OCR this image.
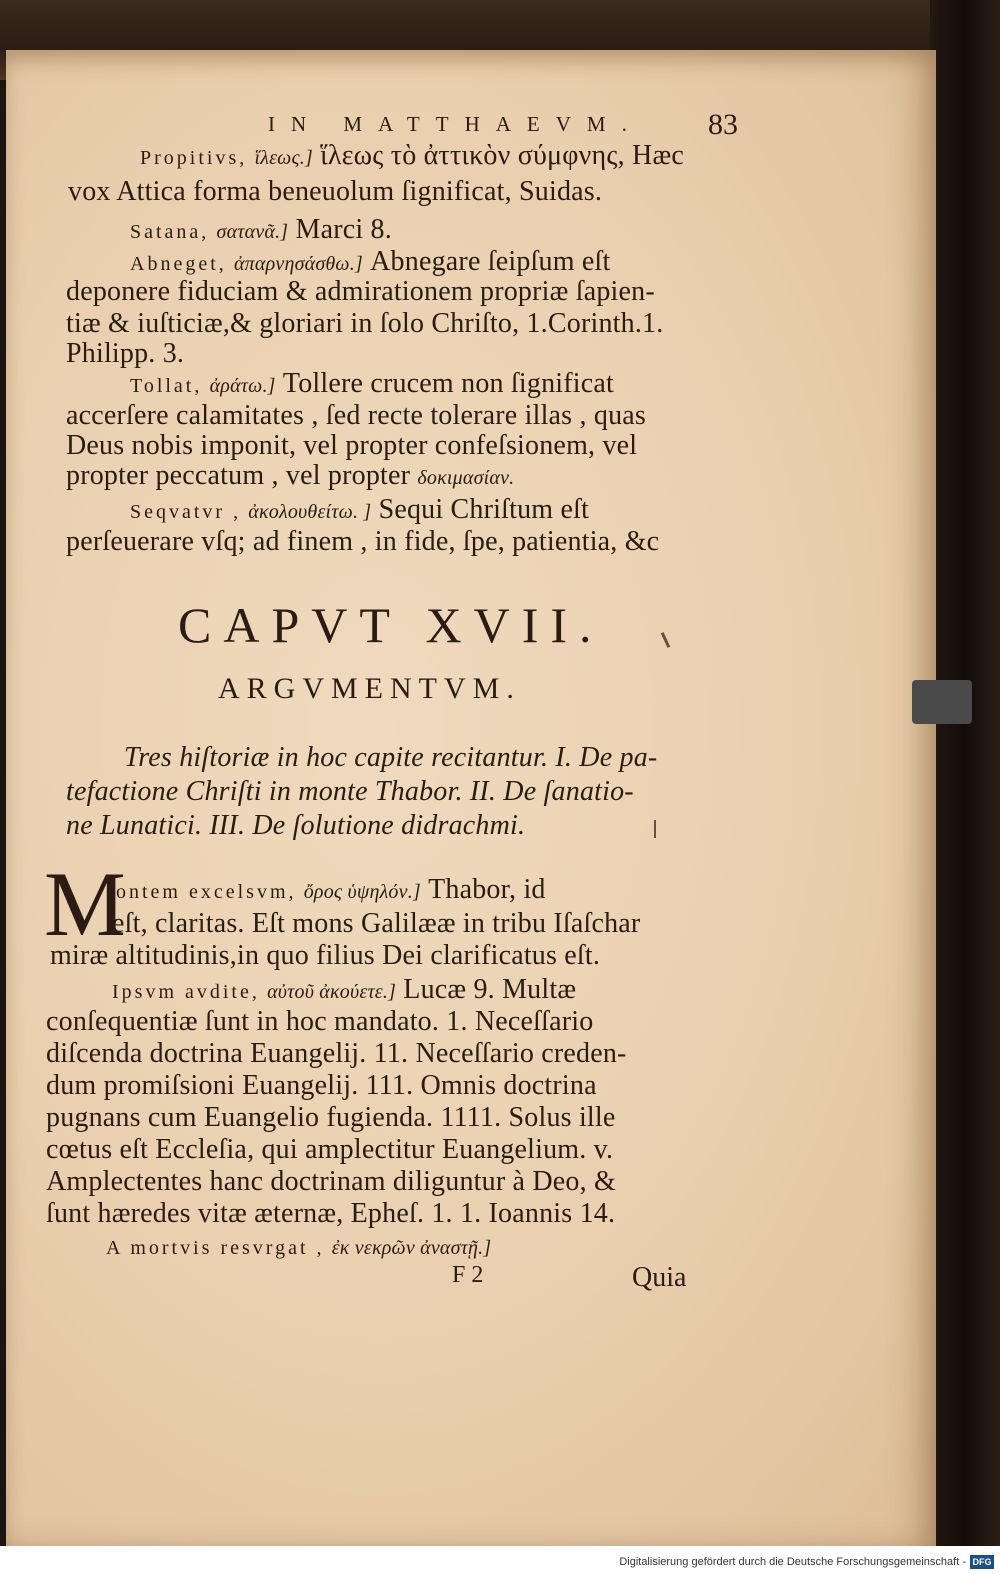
IN MATTHAEVM. 83
Propitivs, ἵλεως.] ἵλεως τὸ ἀττικὸν σύμφνης, Hæc
vox Attica forma beneuolum ſignificat, Suidas.
Satana, σατανᾶ.] Marci 8.
Abneget, ἀπαρνησάσθω.] Abnegare ſeipſum eſt
deponere fiduciam & admirationem propriæ ſapien-
tiæ & iuſticiæ,& gloriari in ſolo Chriſto, 1.Corinth.1.
Philipp. 3.
Tollat, ἀράτω.] Tollere crucem non ſignificat
accerſere calamitates , ſed recte tolerare illas , quas
Deus nobis imponit, vel propter confeſsionem, vel
propter peccatum , vel propter δοκιμασίαν.
Seqvatvr , ἀκολουθείτω. ] Sequi Chriſtum eſt
perſeuerare vſq; ad finem , in fide, ſpe, patientia, &c
CAPVT XVII.
ARGVMENTVM.
Tres hiſtoriæ in hoc capite recitantur. I. De pa-
tefactione Chriſti in monte Thabor. II. De ſanatio-
ne Lunatici. III. De ſolutione didrachmi.
M
ontem excelsvm, ὄρος ὑψηλόν.] Thabor, id
eſt, claritas. Eſt mons Galilææ in tribu Iſaſchar
miræ altitudinis,in quo filius Dei clarificatus eſt.
Ipsvm avdite, αὐτοῦ ἀκούετε.] Lucæ 9. Multæ
conſequentiæ ſunt in hoc mandato. 1. Neceſſario
diſcenda doctrina Euangelij. 11. Neceſſario creden-
dum promiſsioni Euangelij. 111. Omnis doctrina
pugnans cum Euangelio fugienda. 1111. Solus ille
cœtus eſt Eccleſia, qui amplectitur Euangelium. v.
Amplectentes hanc doctrinam diliguntur à Deo, &
ſunt hæredes vitæ æternæ, Epheſ. 1. 1. Ioannis 14.
A mortvis resvrgat , ἐκ νεκρῶν ἀναστῇ.]
F 2	Quia
Digitalisierung gefördert durch die Deutsche Forschungsgemeinschaft - DFG
